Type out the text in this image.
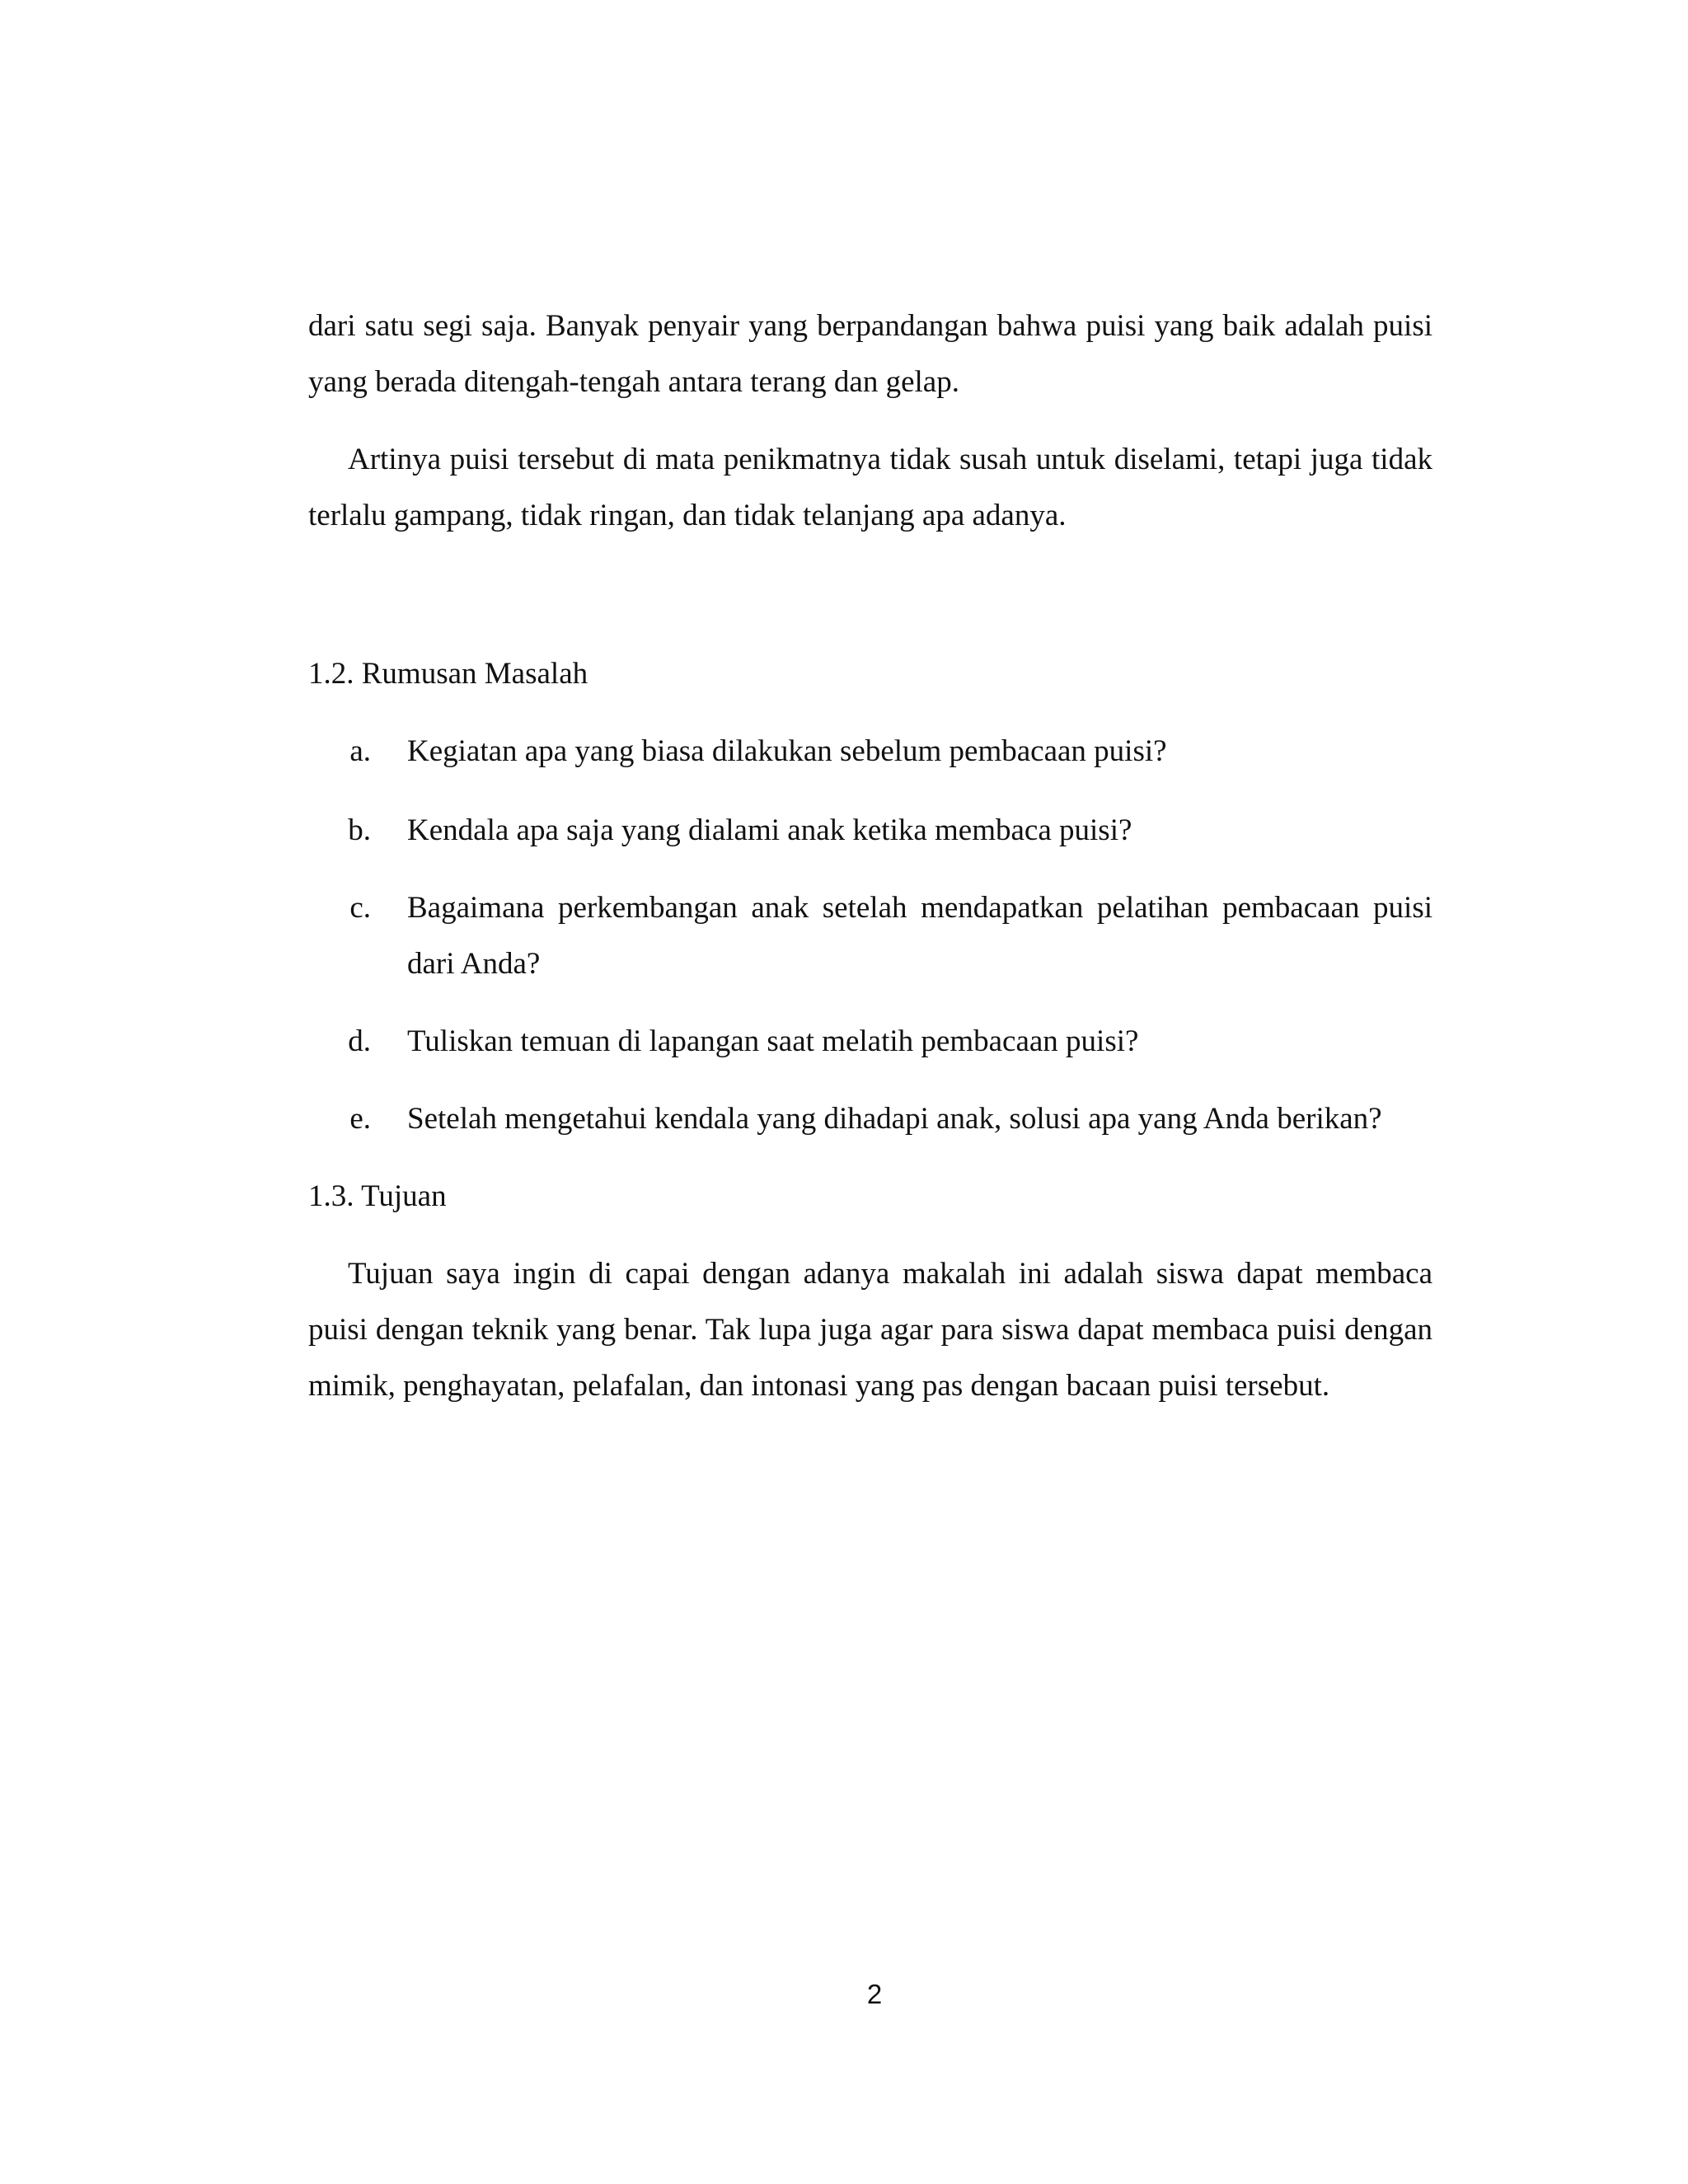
dari satu segi saja. Banyak penyair yang berpandangan bahwa puisi yang baik adalah puisi yang berada ditengah-tengah antara terang dan gelap.

Artinya puisi tersebut di mata penikmatnya tidak susah untuk diselami, tetapi juga tidak terlalu gampang, tidak ringan, dan tidak telanjang apa adanya.

1.2. Rumusan Masalah

a. Kegiatan apa yang biasa dilakukan sebelum pembacaan puisi?
b. Kendala apa saja yang dialami anak ketika membaca puisi?
c. Bagaimana perkembangan anak setelah mendapatkan pelatihan pembacaan puisi dari Anda?
d. Tuliskan temuan di lapangan saat melatih pembacaan puisi?
e. Setelah mengetahui kendala yang dihadapi anak, solusi apa yang Anda berikan?

1.3. Tujuan

Tujuan saya ingin di capai dengan adanya makalah ini adalah siswa dapat membaca puisi dengan teknik yang benar. Tak lupa juga agar para siswa dapat membaca puisi dengan mimik, penghayatan, pelafalan, dan intonasi yang pas dengan bacaan puisi tersebut.

2
